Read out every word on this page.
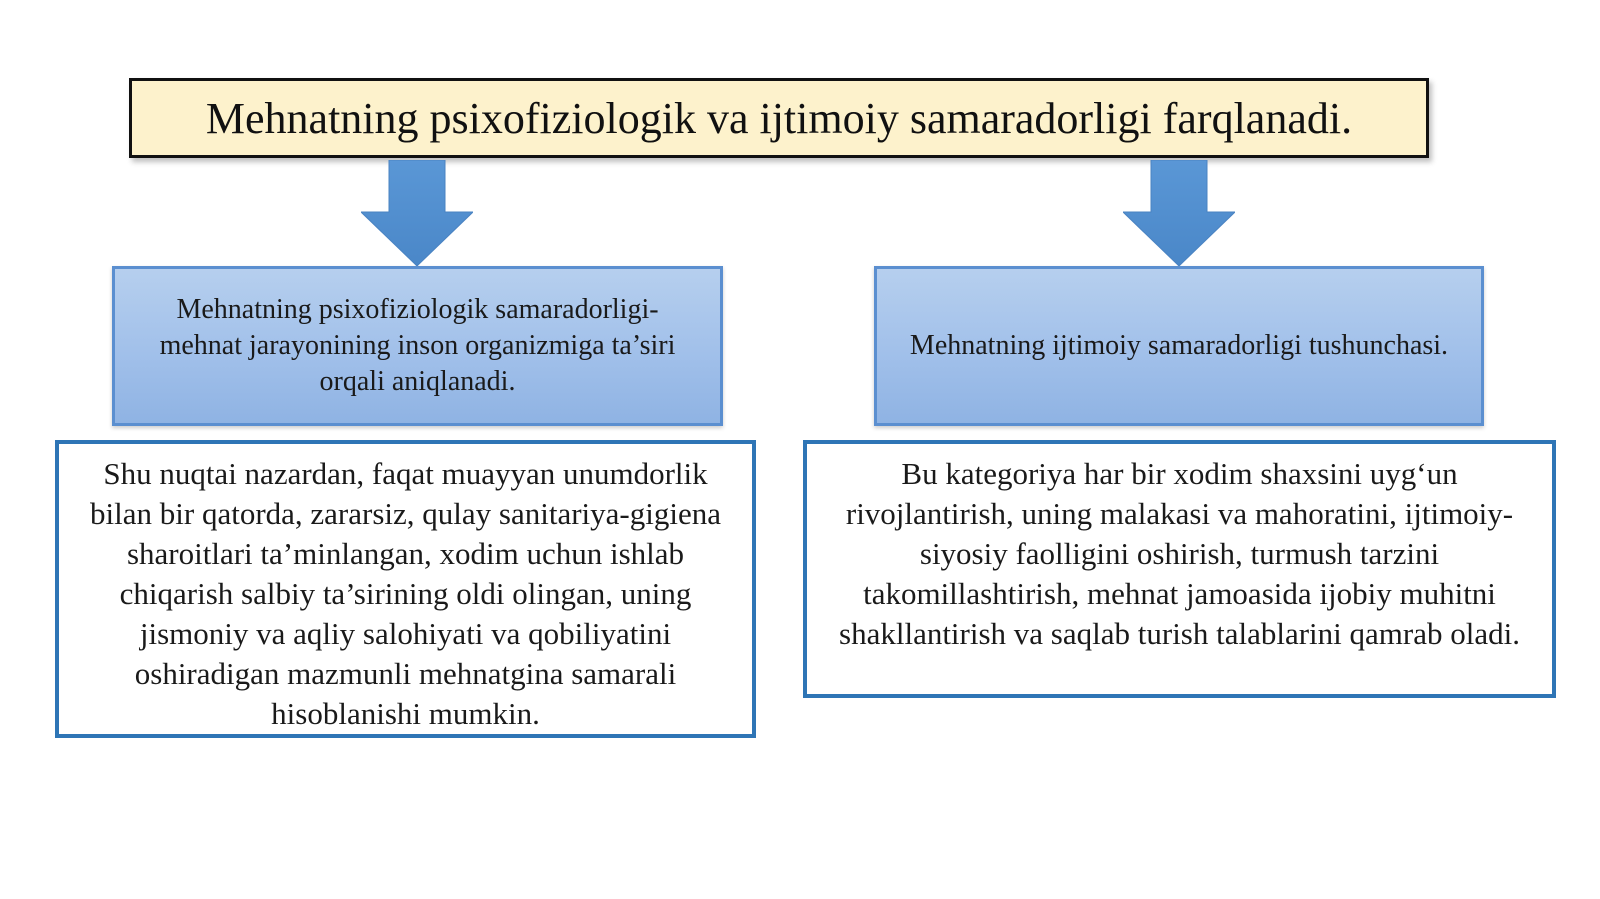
Mehnatning psixofiziologik va ijtimoiy samaradorligi farqlanadi.
Mehnatning psixofiziologik samaradorligi- mehnat jarayonining inson organizmiga ta’siri orqali aniqlanadi.
Mehnatning ijtimoiy samaradorligi tushunchasi.
Shu nuqtai nazardan, faqat muayyan unumdorlik bilan bir qatorda, zararsiz, qulay sanitariya-gigiena sharoitlari ta’minlangan, xodim uchun ishlab chiqarish salbiy ta’sirining oldi olingan, uning jismoniy va aqliy salohiyati va qobiliyatini oshiradigan mazmunli mehnatgina samarali hisoblanishi mumkin.
Bu kategoriya har bir xodim shaxsini uyg‘un rivojlantirish, uning malakasi va mahoratini, ijtimoiy-siyosiy faolligini oshirish, turmush tarzini takomillashtirish, mehnat jamoasida ijobiy muhitni shakllantirish va saqlab turish talablarini qamrab oladi.
